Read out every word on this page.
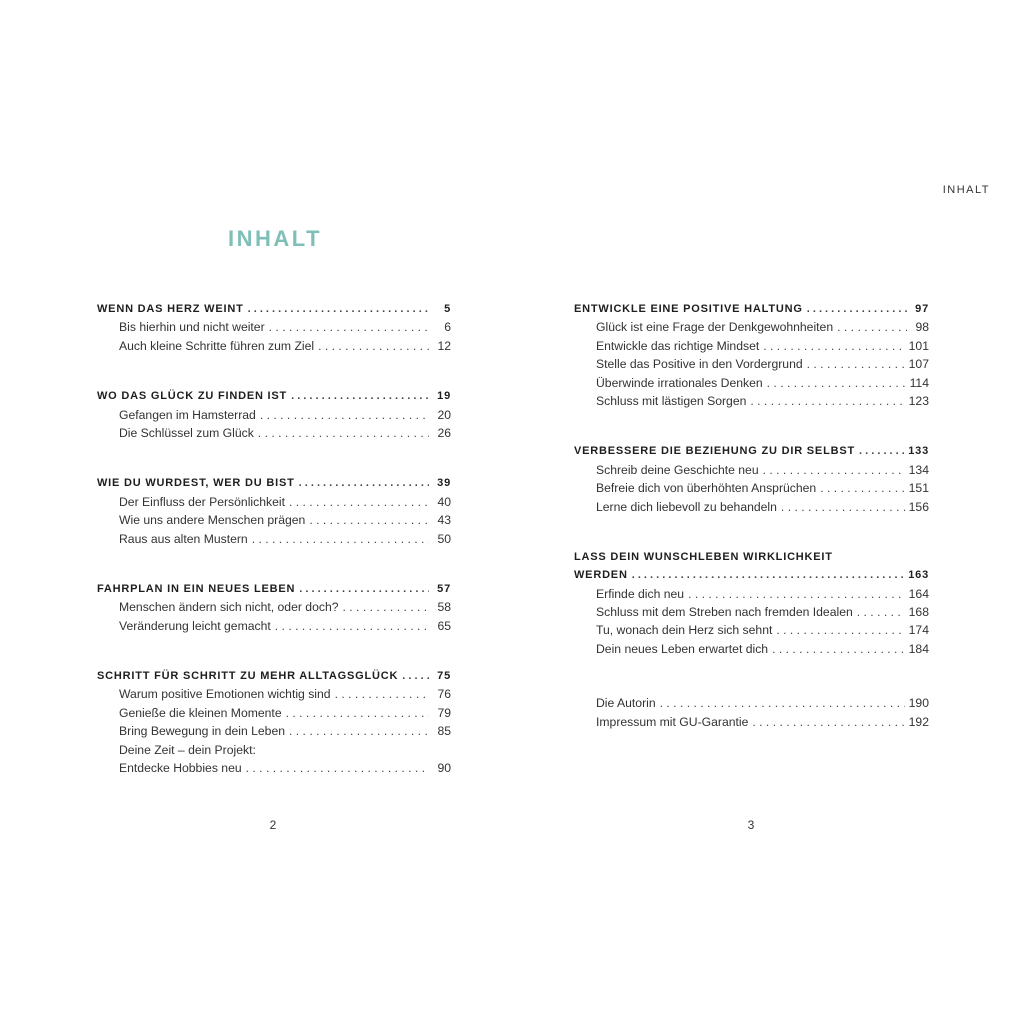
INHALT
INHALT
WENN DAS HERZ WEINT . . .	5
Bis hierhin und nicht weiter . . .	6
Auch kleine Schritte führen zum Ziel . . .	12
WO DAS GLÜCK ZU FINDEN IST . . .	19
Gefangen im Hamsterrad . . .	20
Die Schlüssel zum Glück . . .	26
WIE DU WURDEST, WER DU BIST . . .	39
Der Einfluss der Persönlichkeit . . .	40
Wie uns andere Menschen prägen . . .	43
Raus aus alten Mustern . . .	50
FAHRPLAN IN EIN NEUES LEBEN . . .	57
Menschen ändern sich nicht, oder doch? . . .	58
Veränderung leicht gemacht . . .	65
SCHRITT FÜR SCHRITT ZU MEHR ALLTAGSGLÜCK . . .	75
Warum positive Emotionen wichtig sind . . .	76
Genieße die kleinen Momente . . .	79
Bring Bewegung in dein Leben . . .	85
Deine Zeit – dein Projekt:
Entdecke Hobbies neu . . .	90
ENTWICKLE EINE POSITIVE HALTUNG . . .	97
Glück ist eine Frage der Denkgewohnheiten . . .	98
Entwickle das richtige Mindset . . .	101
Stelle das Positive in den Vordergrund . . .	107
Überwinde irrationales Denken . . .	114
Schluss mit lästigen Sorgen . . .	123
VERBESSERE DIE BEZIEHUNG ZU DIR SELBST . . .	133
Schreib deine Geschichte neu . . .	134
Befreie dich von überhöhten Ansprüchen . . .	151
Lerne dich liebevoll zu behandeln . . .	156
LASS DEIN WUNSCHLEBEN WIRKLICHKEIT
WERDEN . . .	163
Erfinde dich neu . . .	164
Schluss mit dem Streben nach fremden Idealen . . .	168
Tu, wonach dein Herz sich sehnt . . .	174
Dein neues Leben erwartet dich . . .	184
Die Autorin . . .	190
Impressum mit GU-Garantie . . .	192
2	3
